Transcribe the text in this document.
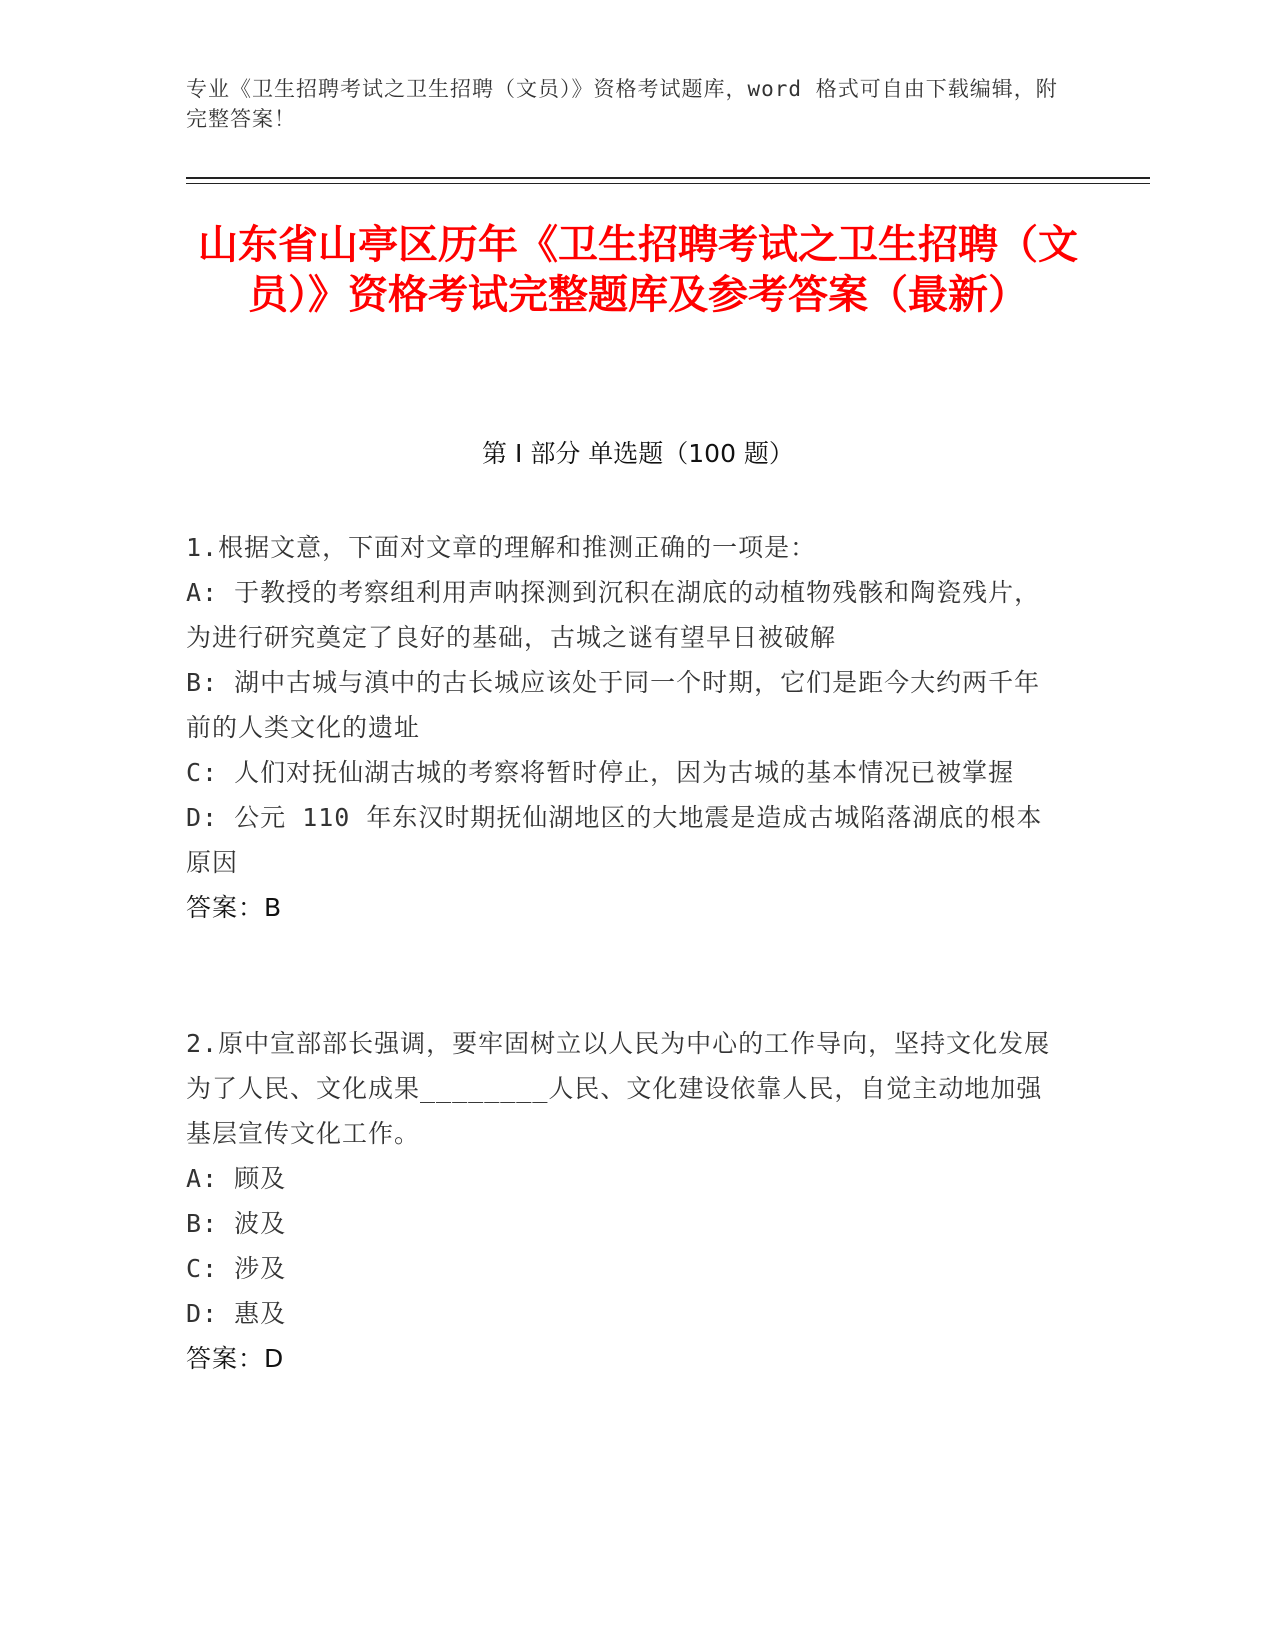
专业《卫生招聘考试之卫生招聘（文员）》资格考试题库，word 格式可自由下载编辑，附完整答案！
山东省山亭区历年《卫生招聘考试之卫生招聘（文员）》资格考试完整题库及参考答案（最新）
第 I 部分 单选题（100 题）
1.根据文意，下面对文章的理解和推测正确的一项是：
A: 于教授的考察组利用声呐探测到沉积在湖底的动植物残骸和陶瓷残片，为进行研究奠定了良好的基础，古城之谜有望早日被破解
B: 湖中古城与滇中的古长城应该处于同一个时期，它们是距今大约两千年前的人类文化的遗址
C: 人们对抚仙湖古城的考察将暂时停止，因为古城的基本情况已被掌握
D: 公元 110 年东汉时期抚仙湖地区的大地震是造成古城陷落湖底的根本原因
答案：B
2.原中宣部部长强调，要牢固树立以人民为中心的工作导向，坚持文化发展为了人民、文化成果________人民、文化建设依靠人民，自觉主动地加强基层宣传文化工作。
A: 顾及
B: 波及
C: 涉及
D: 惠及
答案：D
